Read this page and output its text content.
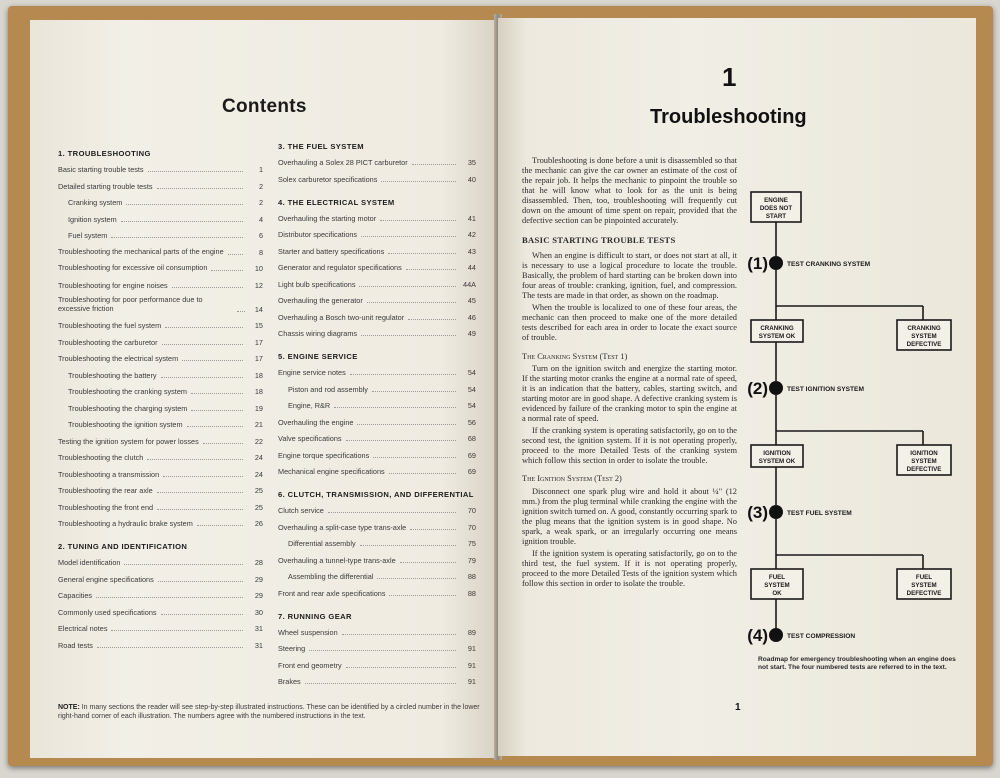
Contents
1. TROUBLESHOOTING
Basic starting trouble tests	1
Detailed starting trouble tests	2
Cranking system	2
Ignition system	4
Fuel system	6
Troubleshooting the mechanical parts of the engine	8
Troubleshooting for excessive oil consumption	10
Troubleshooting for engine noises	12
Troubleshooting for poor performance due to excessive friction	14
Troubleshooting the fuel system	15
Troubleshooting the carburetor	17
Troubleshooting the electrical system	17
Troubleshooting the battery	18
Troubleshooting the cranking system	18
Troubleshooting the charging system	19
Troubleshooting the ignition system	21
Testing the ignition system for power losses	22
Troubleshooting the clutch	24
Troubleshooting a transmission	24
Troubleshooting the rear axle	25
Troubleshooting the front end	25
Troubleshooting a hydraulic brake system	26
2. TUNING AND IDENTIFICATION
Model identification	28
General engine specifications	29
Capacities	29
Commonly used specifications	30
Electrical notes	31
Road tests	31
3. THE FUEL SYSTEM
Overhauling a Solex 28 PICT carburetor	35
Solex carburetor specifications	40
4. THE ELECTRICAL SYSTEM
Overhauling the starting motor	41
Distributor specifications	42
Starter and battery specifications	43
Generator and regulator specifications	44
Light bulb specifications	44A
Overhauling the generator	45
Overhauling a Bosch two-unit regulator	46
Chassis wiring diagrams	49
5. ENGINE SERVICE
Engine service notes	54
Piston and rod assembly	54
Engine, R&R	54
Overhauling the engine	56
Valve specifications	68
Engine torque specifications	69
Mechanical engine specifications	69
6. CLUTCH, TRANSMISSION, AND DIFFERENTIAL
Clutch service	70
Overhauling a split-case type trans-axle	70
Differential assembly	75
Overhauling a tunnel-type trans-axle	79
Assembling the differential	88
Front and rear axle specifications	88
7. RUNNING GEAR
Wheel suspension	89
Steering	91
Front end geometry	91
Brakes	91

NOTE: In many sections the reader will see step-by-step illustrated instructions. These can be identified by a circled number in the lower right-hand corner of each illustration. The numbers agree with the numbered instructions in the text.

1
Troubleshooting

Troubleshooting is done before a unit is disassembled so that the mechanic can give the car owner an estimate of the cost of the repair job. It helps the mechanic to pinpoint the trouble so that he will know what to look for as the unit is being disassembled. Then, too, troubleshooting will frequently cut down on the amount of time spent on repair, provided that the defective section can be pinpointed accurately.

BASIC STARTING TROUBLE TESTS

When an engine is difficult to start, or does not start at all, it is necessary to use a logical procedure to locate the trouble. Basically, the problem of hard starting can be broken down into four areas of trouble: cranking, ignition, fuel, and compression. The tests are made in that order, as shown on the roadmap.

When the trouble is localized to one of these four areas, the mechanic can then proceed to make one of the more detailed tests described for each area in order to locate the exact source of trouble.

The Cranking System (Test 1)

Turn on the ignition switch and energize the starting motor. If the starting motor cranks the engine at a normal rate of speed, it is an indication that the battery, cables, starting switch, and starting motor are in good shape. A defective cranking system is evidenced by failure of the cranking motor to spin the engine at a normal rate of speed.

If the cranking system is operating satisfactorily, go on to the second test, the ignition system. If it is not operating properly, proceed to the more Detailed Tests of the cranking system which follow this section in order to isolate the trouble.

The Ignition System (Test 2)

Disconnect one spark plug wire and hold it about ¼" (12 mm.) from the plug terminal while cranking the engine with the ignition switch turned on. A good, constantly occurring spark to the plug means that the ignition system is in good shape. No spark, a weak spark, or an irregularly occurring one means ignition trouble.

If the ignition system is operating satisfactorily, go on to the third test, the fuel system. If it is not operating properly, proceed to the more Detailed Tests of the ignition system which follow this section in order to isolate the trouble.

ENGINE
DOES NOT
START
(1)	TEST CRANKING SYSTEM
CRANKING
SYSTEM OK
CRANKING
SYSTEM
DEFECTIVE
(2)	TEST IGNITION SYSTEM
IGNITION
SYSTEM OK
IGNITION
SYSTEM
DEFECTIVE
(3)	TEST FUEL SYSTEM
FUEL
SYSTEM
OK
FUEL
SYSTEM
DEFECTIVE
(4)	TEST COMPRESSION

Roadmap for emergency troubleshooting when an engine does not start. The four numbered tests are referred to in the text.

1
